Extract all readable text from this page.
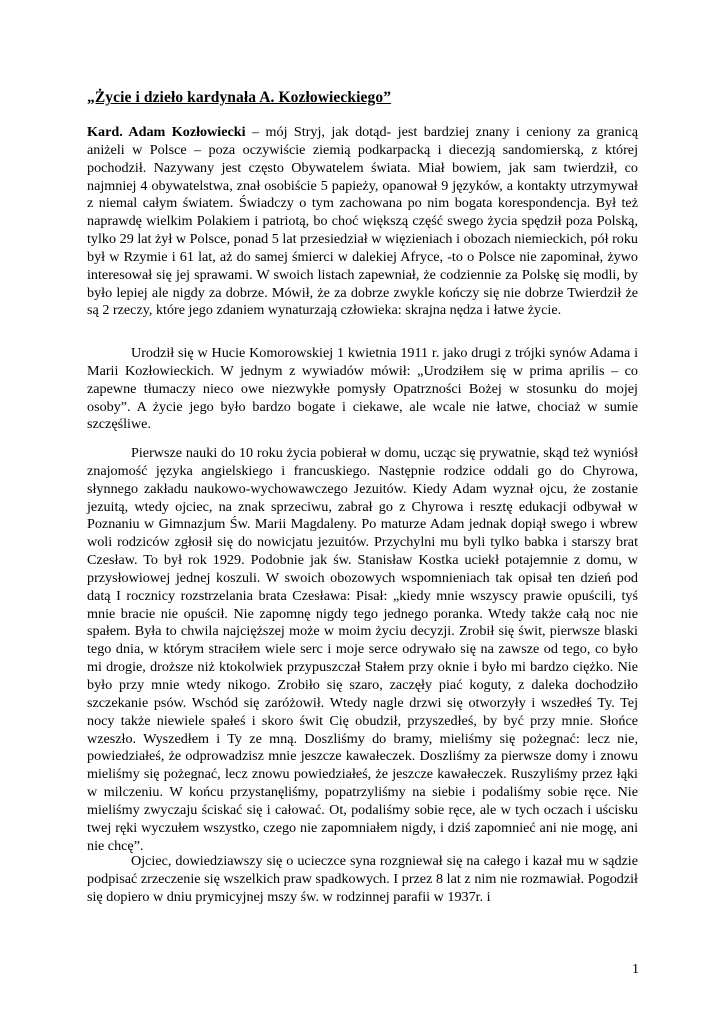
„Życie i dzieło kardynała A. Kozłowieckiego”

Kard. Adam Kozłowiecki – mój Stryj, jak dotąd- jest bardziej znany i ceniony za granicą aniżeli w Polsce – poza oczywiście ziemią podkarpacką i diecezją sandomierską, z której pochodził. Nazywany jest często Obywatelem świata. Miał bowiem, jak sam twierdził, co najmniej 4 obywatelstwa, znał osobiście 5 papieży, opanował 9 języków, a kontakty utrzymywał z niemal całym światem. Świadczy o tym zachowana po nim bogata korespondencja. Był też naprawdę wielkim Polakiem i patriotą, bo choć większą część swego życia spędził poza Polską, tylko 29 lat żył w Polsce, ponad 5 lat przesiedział w więzieniach i obozach niemieckich, pół roku był w Rzymie i 61 lat, aż do samej śmierci w dalekiej Afryce, -to o Polsce nie zapominał, żywo interesował się jej sprawami. W swoich listach zapewniał, że codziennie za Polskę się modli, by było lepiej ale nigdy za dobrze. Mówił, że za dobrze zwykle kończy się nie dobrze Twierdził że są 2 rzeczy, które jego zdaniem wynaturzają człowieka: skrajna nędza i łatwe życie.

Urodził się w Hucie Komorowskiej 1 kwietnia 1911 r. jako drugi z trójki synów Adama i Marii Kozłowieckich. W jednym z wywiadów mówił: „Urodziłem się w prima aprilis – co zapewne tłumaczy nieco owe niezwykłe pomysły Opatrzności Bożej w stosunku do mojej osoby”. A życie jego było bardzo bogate i ciekawe, ale wcale nie łatwe, chociaż w sumie szczęśliwe.

Pierwsze nauki do 10 roku życia pobierał w domu, ucząc się prywatnie, skąd też wyniósł znajomość języka angielskiego i francuskiego. Następnie rodzice oddali go do Chyrowa, słynnego zakładu naukowo-wychowawczego Jezuitów. Kiedy Adam wyznał ojcu, że zostanie jezuitą, wtedy ojciec, na znak sprzeciwu, zabrał go z Chyrowa i resztę edukacji odbywał w Poznaniu w Gimnazjum Św. Marii Magdaleny. Po maturze Adam jednak dopiął swego i wbrew woli rodziców zgłosił się do nowicjatu jezuitów. Przychylni mu byli tylko babka i starszy brat Czesław. To był rok 1929. Podobnie jak św. Stanisław Kostka uciekł potajemnie z domu, w przysłowiowej jednej koszuli. W swoich obozowych wspomnieniach tak opisał ten dzień pod datą I rocznicy rozstrzelania brata Czesława: Pisał: „kiedy mnie wszyscy prawie opuścili, tyś mnie bracie nie opuścił. Nie zapomnę nigdy tego jednego poranka. Wtedy także całą noc nie spałem. Była to chwila najcięższej może w moim życiu decyzji. Zrobił się świt, pierwsze blaski tego dnia, w którym straciłem wiele serc i moje serce odrywało się na zawsze od tego, co było mi drogie, droższe niż ktokolwiek przypuszczał Stałem przy oknie i było mi bardzo ciężko. Nie było przy mnie wtedy nikogo. Zrobiło się szaro, zaczęły piać koguty, z daleka dochodziło szczekanie psów. Wschód się zaróżowił. Wtedy nagle drzwi się otworzyły i wszedłeś Ty. Tej nocy także niewiele spałeś i skoro świt Cię obudził, przyszedłeś, by być przy mnie. Słońce wzeszło. Wyszedłem i Ty ze mną. Doszliśmy do bramy, mieliśmy się pożegnać: lecz nie, powiedziałeś, że odprowadzisz mnie jeszcze kawałeczek. Doszliśmy za pierwsze domy i znowu mieliśmy się pożegnać, lecz znowu powiedziałeś, że jeszcze kawałeczek. Ruszyliśmy przez łąki w milczeniu. W końcu przystanęliśmy, popatrzyliśmy na siebie i podaliśmy sobie ręce. Nie mieliśmy zwyczaju ściskać się i całować. Ot, podaliśmy sobie ręce, ale w tych oczach i uścisku twej ręki wyczułem wszystko, czego nie zapomniałem nigdy, i dziś zapomnieć ani nie mogę, ani nie chcę”.

Ojciec, dowiedziawszy się o ucieczce syna rozgniewał się na całego i kazał mu w sądzie podpisać zrzeczenie się wszelkich praw spadkowych. I przez 8 lat z nim nie rozmawiał. Pogodził się dopiero w dniu prymicyjnej mszy św. w rodzinnej parafii w 1937r. i

1
